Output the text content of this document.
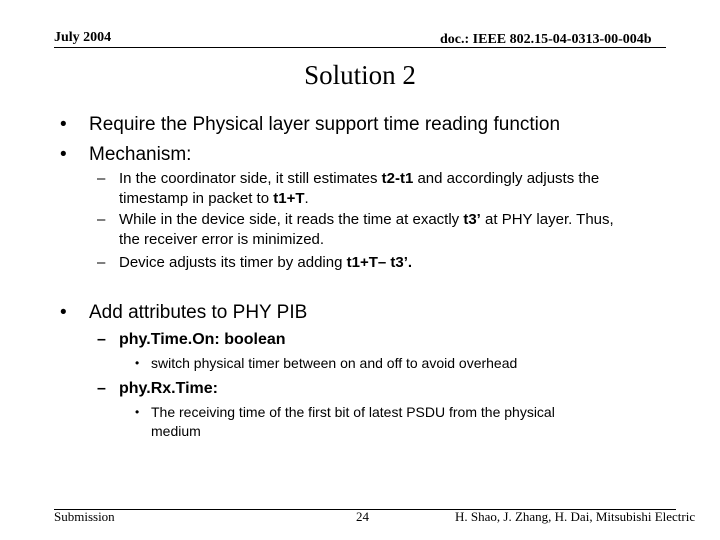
July 2004	doc.: IEEE 802.15-04-0313-00-004b
Solution 2
• Require the Physical layer support time reading function
• Mechanism:
– In the coordinator side, it still estimates t2-t1 and accordingly adjusts the
timestamp in packet to t1+T.
– While in the device side, it reads the time at exactly t3’ at PHY layer. Thus,
the receiver error is minimized.
– Device adjusts its timer by adding t1+T– t3’.
• Add attributes to PHY PIB
– phy.Time.On: boolean
• switch physical timer between on and off to avoid overhead
– phy.Rx.Time:
• The receiving time of the first bit of latest PSDU from the physical
medium
Submission	24	H. Shao, J. Zhang, H. Dai, Mitsubishi Electric
